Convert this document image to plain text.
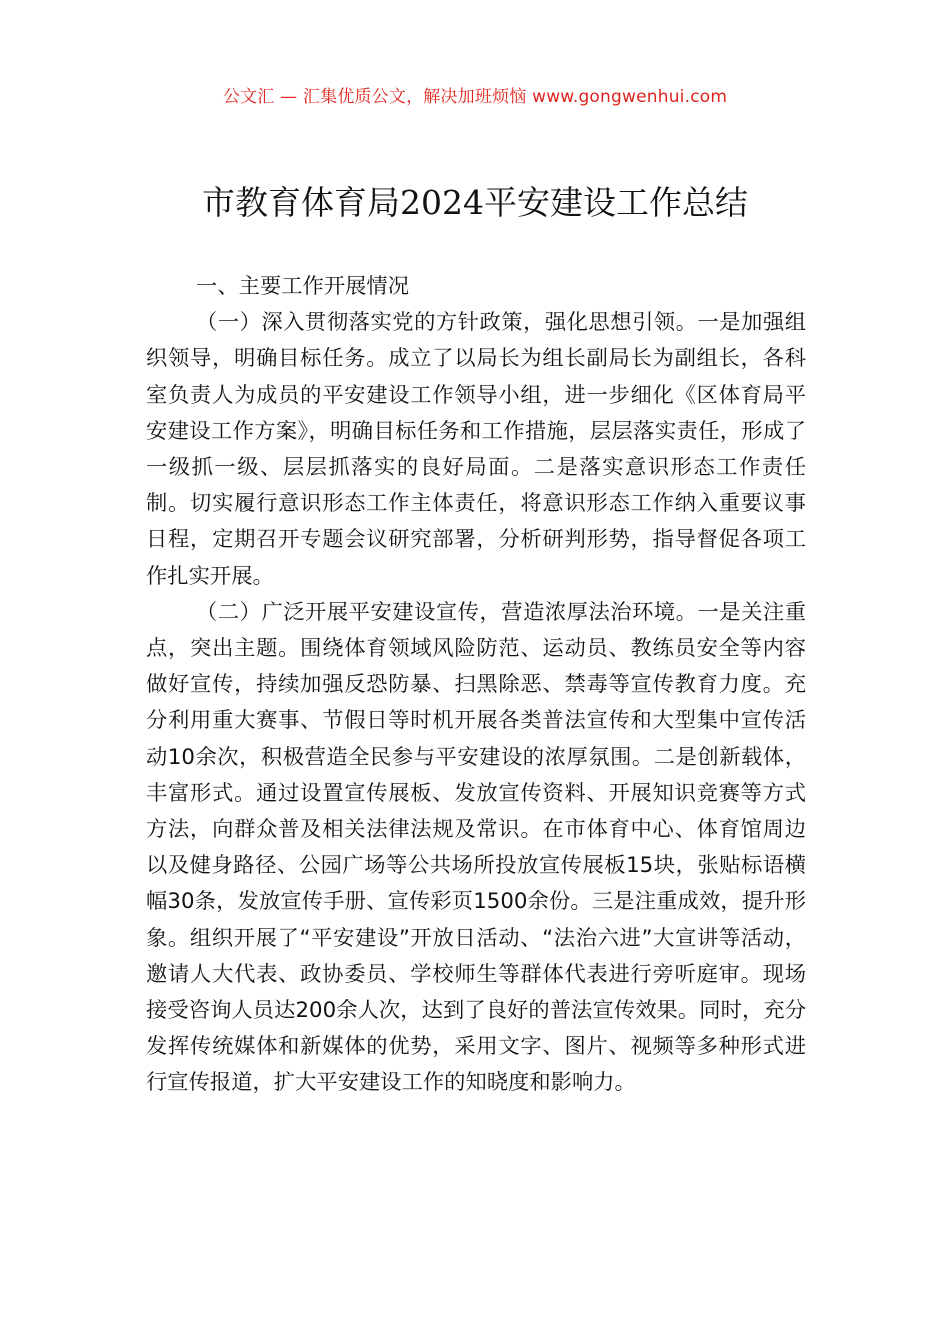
公文汇 — 汇集优质公文，解决加班烦恼 www.gongwenhui.com
市教育体育局2024平安建设工作总结

一、主要工作开展情况

（一）深入贯彻落实党的方针政策，强化思想引领。一是加强组织领导，明确目标任务。成立了以局长为组长副局长为副组长，各科室负责人为成员的平安建设工作领导小组，进一步细化《区体育局平安建设工作方案》，明确目标任务和工作措施，层层落实责任，形成了一级抓一级、层层抓落实的良好局面。二是落实意识形态工作责任制。切实履行意识形态工作主体责任，将意识形态工作纳入重要议事日程，定期召开专题会议研究部署，分析研判形势，指导督促各项工作扎实开展。

（二）广泛开展平安建设宣传，营造浓厚法治环境。一是关注重点，突出主题。围绕体育领域风险防范、运动员、教练员安全等内容做好宣传，持续加强反恐防暴、扫黑除恶、禁毒等宣传教育力度。充分利用重大赛事、节假日等时机开展各类普法宣传和大型集中宣传活动10余次，积极营造全民参与平安建设的浓厚氛围。二是创新载体，丰富形式。通过设置宣传展板、发放宣传资料、开展知识竞赛等方式方法，向群众普及相关法律法规及常识。在市体育中心、体育馆周边以及健身路径、公园广场等公共场所投放宣传展板15块，张贴标语横幅30条，发放宣传手册、宣传彩页1500余份。三是注重成效，提升形象。组织开展了“平安建设”开放日活动、“法治六进”大宣讲等活动，邀请人大代表、政协委员、学校师生等群体代表进行旁听庭审。现场接受咨询人员达200余人次，达到了良好的普法宣传效果。同时，充分发挥传统媒体和新媒体的优势，采用文字、图片、视频等多种形式进行宣传报道，扩大平安建设工作的知晓度和影响力。
